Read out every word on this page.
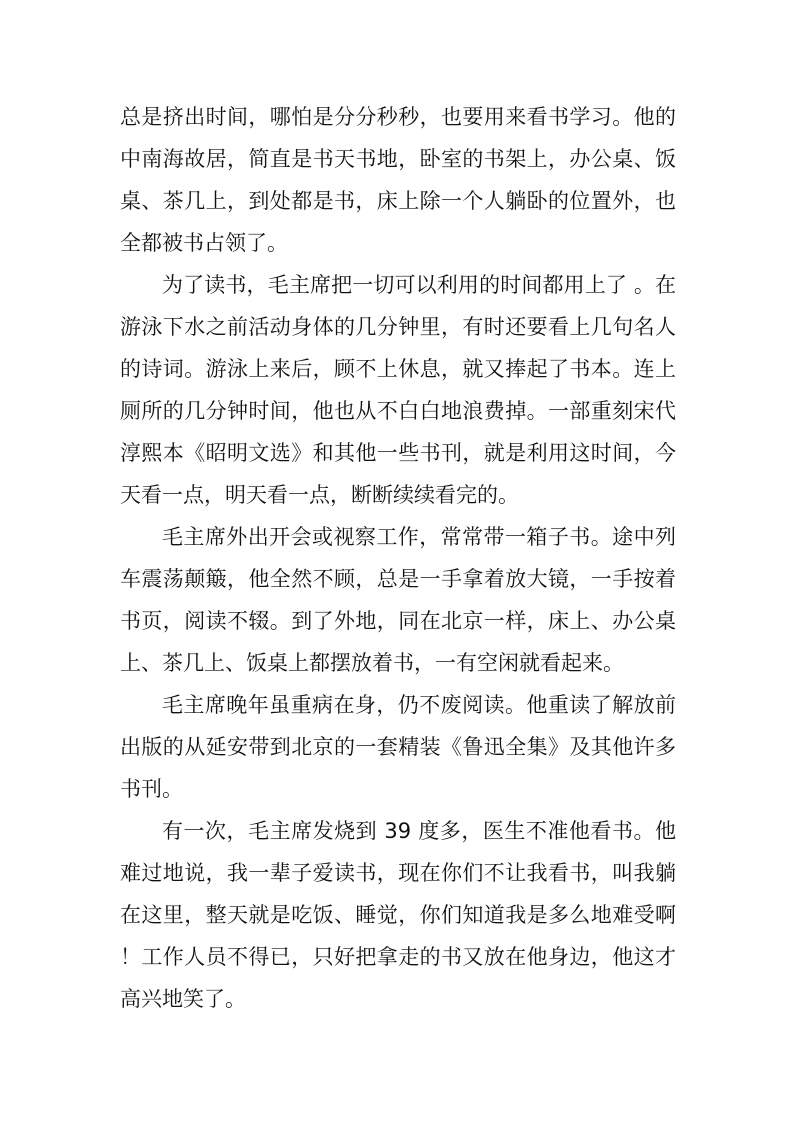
总是挤出时间，哪怕是分分秒秒，也要用来看书学习。他的中南海故居，简直是书天书地，卧室的书架上，办公桌、饭桌、茶几上，到处都是书，床上除一个人躺卧的位置外，也全都被书占领了。

为了读书，毛主席把一切可以利用的时间都用上了 。在游泳下水之前活动身体的几分钟里，有时还要看上几句名人的诗词。游泳上来后，顾不上休息，就又捧起了书本。连上厕所的几分钟时间，他也从不白白地浪费掉。一部重刻宋代淳熙本《昭明文选》和其他一些书刊，就是利用这时间，今天看一点，明天看一点，断断续续看完的。

毛主席外出开会或视察工作，常常带一箱子书。途中列车震荡颠簸，他全然不顾，总是一手拿着放大镜，一手按着书页，阅读不辍。到了外地，同在北京一样，床上、办公桌上、茶几上、饭桌上都摆放着书，一有空闲就看起来。

毛主席晚年虽重病在身，仍不废阅读。他重读了解放前出版的从延安带到北京的一套精装《鲁迅全集》及其他许多书刊。

有一次，毛主席发烧到 39 度多，医生不准他看书。他难过地说，我一辈子爱读书，现在你们不让我看书，叫我躺在这里，整天就是吃饭、睡觉，你们知道我是多么地难受啊！工作人员不得已，只好把拿走的书又放在他身边，他这才高兴地笑了。
